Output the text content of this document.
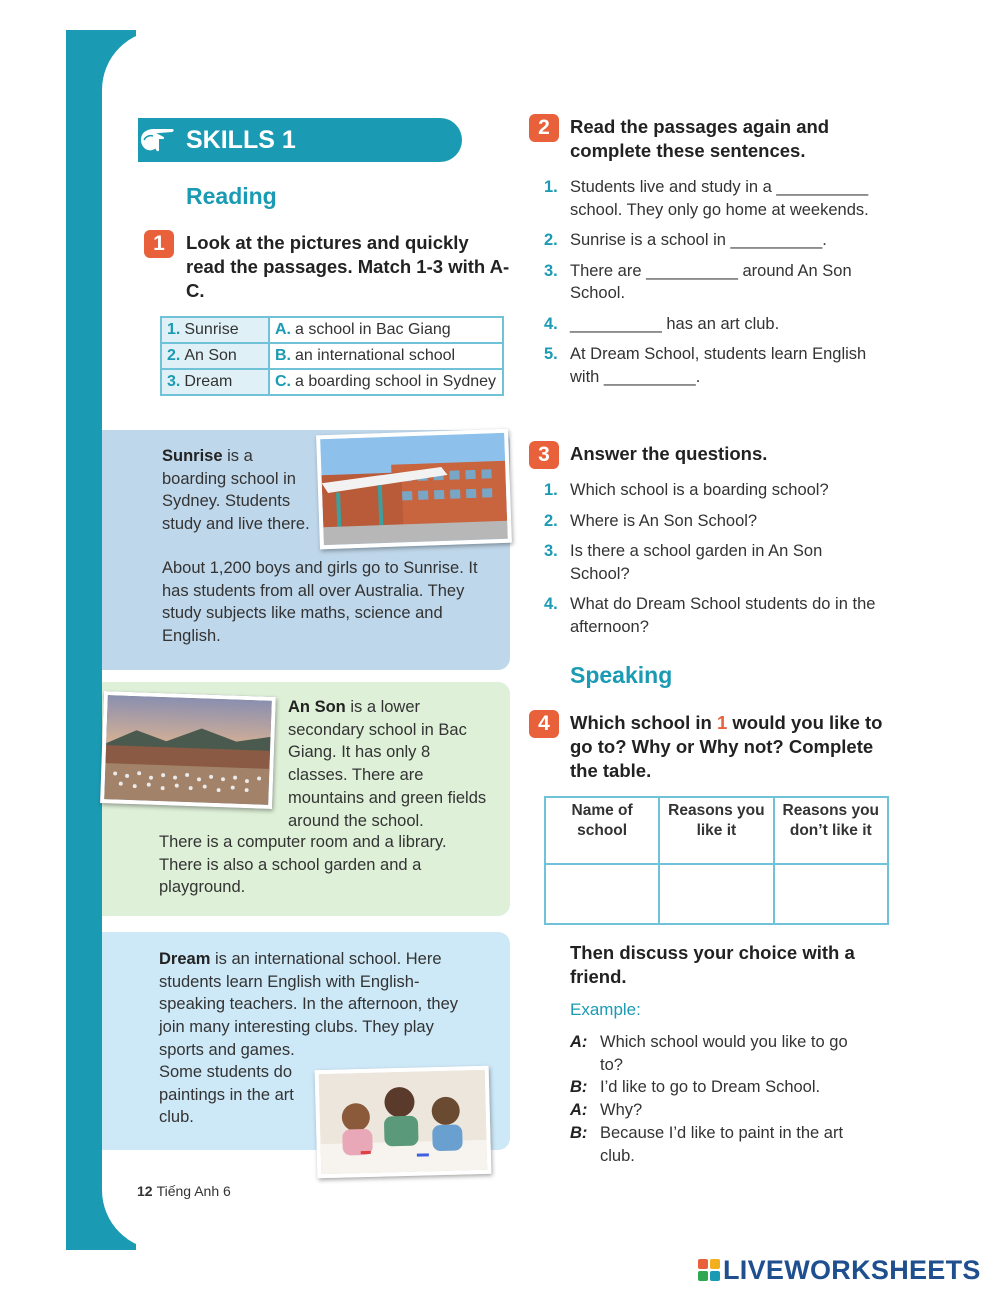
SKILLS 1
Reading
1	Look at the pictures and quickly read the passages. Match 1-3 with A-C.
1. Sunrise	A. a school in Bac Giang
2. An Son	B. an international school
3. Dream	C. a boarding school in Sydney
Sunrise is a boarding school in Sydney. Students study and live there.
About 1,200 boys and girls go to Sunrise. It has students from all over Australia. They study subjects like maths, science and English.
An Son is a lower secondary school in Bac Giang. It has only 8 classes. There are mountains and green fields around the school.
There is a computer room and a library. There is also a school garden and a playground.
Dream is an international school. Here students learn English with English-speaking teachers. In the afternoon, they join many interesting clubs. They play sports and games.
Some students do paintings in the art club.
2	Read the passages again and complete these sentences.
1. Students live and study in a __________ school. They only go home at weekends.
2. Sunrise is a school in __________.
3. There are __________ around An Son School.
4. __________ has an art club.
5. At Dream School, students learn English with __________.
3	Answer the questions.
1. Which school is a boarding school?
2. Where is An Son School?
3. Is there a school garden in An Son School?
4. What do Dream School students do in the afternoon?
Speaking
4	Which school in 1 would you like to go to? Why or Why not? Complete the table.
Name of school	Reasons you like it	Reasons you don’t like it

Then discuss your choice with a friend.
Example:
A: Which school would you like to go to?
B: I’d like to go to Dream School.
A: Why?
B: Because I’d like to paint in the art club.
12 Tiếng Anh 6
LIVEWORKSHEETS
